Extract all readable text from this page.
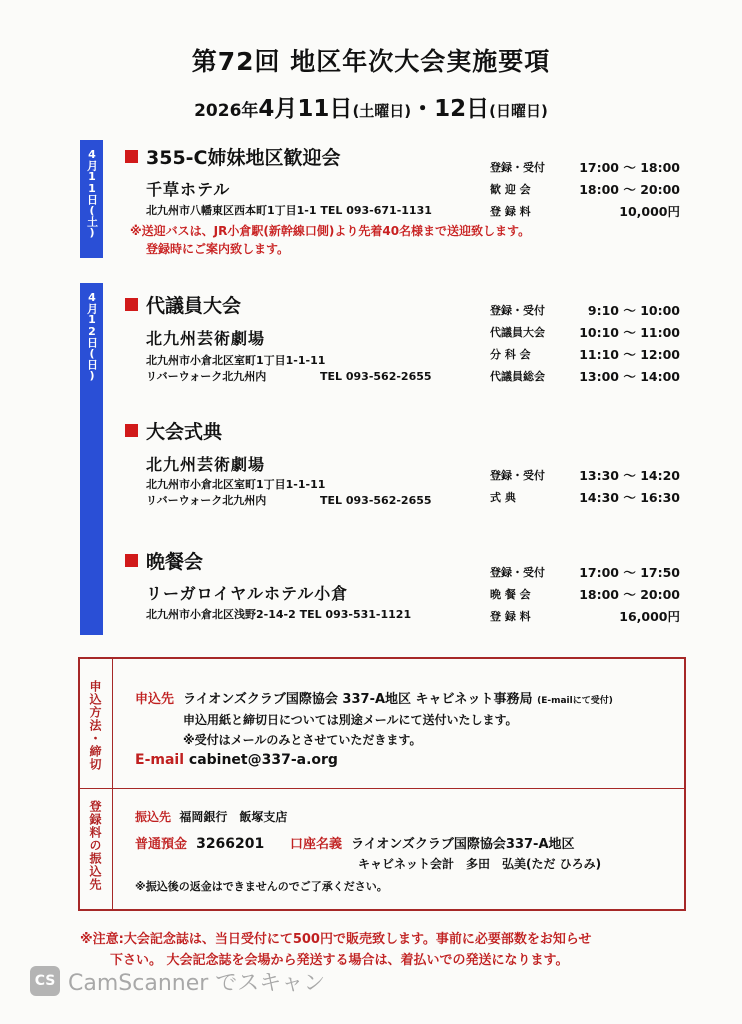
第72回 地区年次大会実施要項
2026年4月11日(土曜日)・12日(日曜日)
4月11日(土)
4月12日(日)
355-C姉妹地区歓迎会
千草ホテル
北九州市八幡東区西本町1丁目1-1 TEL 093-671-1131
※送迎バスは、JR小倉駅(新幹線口側)より先着40名様まで送迎致します。
登録時にご案内致します。
登録・受付	17:00 〜 18:00
歓 迎 会	18:00 〜 20:00
登 録 料	10,000円
代議員大会
北九州芸術劇場
北九州市小倉北区室町1丁目1-1-11
リバーウォーク北九州内	TEL 093-562-2655
登録・受付	9:10 〜 10:00
代議員大会	10:10 〜 11:00
分 科 会	11:10 〜 12:00
代議員総会	13:00 〜 14:00
大会式典
北九州芸術劇場
北九州市小倉北区室町1丁目1-1-11
リバーウォーク北九州内	TEL 093-562-2655
登録・受付	13:30 〜 14:20
式 典	14:30 〜 16:30
晩餐会
リーガロイヤルホテル小倉
北九州市小倉北区浅野2-14-2 TEL 093-531-1121
登録・受付	17:00 〜 17:50
晩 餐 会	18:00 〜 20:00
登 録 料	16,000円
申込方法・締切
登録料の振込先
申込先 ライオンズクラブ国際協会 337-A地区 キャビネット事務局 (E-mailにて受付)
申込用紙と締切日については別途メールにて送付いたします。
※受付はメールのみとさせていただきます。
E-mail cabinet@337-a.org
振込先 福岡銀行　飯塚支店
普通預金 3266201 口座名義 ライオンズクラブ国際協会337-A地区
キャビネット会計　多田　弘美(ただ ひろみ)
※振込後の返金はできませんのでご了承ください。
※注意:大会記念誌は、当日受付にて500円で販売致します。事前に必要部数をお知らせ
下さい。 大会記念誌を会場から発送する場合は、着払いでの発送になります。
CS CamScanner でスキャン
